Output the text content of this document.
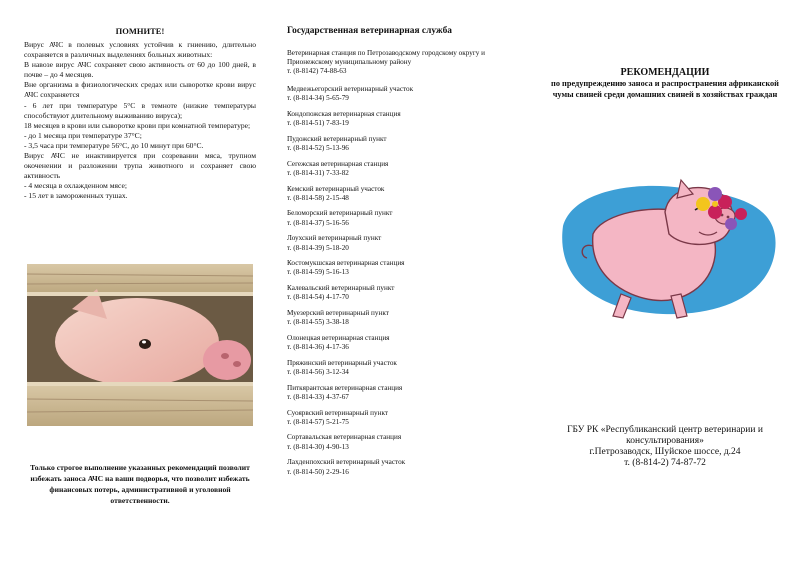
ПОМНИТЕ!

Вирус АЧС в полевых условиях устойчив к гниению, длительно сохраняется в различных выделениях больных животных:

В навозе вирус АЧС сохраняет свою активность от 60 до 100 дней, в почве – до 4 месяцев.

Вне организма в физиологических средах или сыворотке крови вирус АЧС сохраняется

- 6 лет при температуре 5°С в темноте (низкие температуры способствуют длительному выживанию вируса);

18 месяцев в крови или сыворотке крови при комнатной температуре;

- до 1 месяца при температуре 37°С;

- 3,5 часа при температуре 56°С, до 10 минут при 60°С.

Вирус АЧС не инактивируется при созревании мяса, трупном окоченении и разложении трупа животного и сохраняет свою активность

- 4 месяца в охлажденном мясе;

- 15 лет в замороженных тушах.

Только строгое выполнение указанных рекомендаций позволит избежать заноса АЧС на ваши подворья, что позволит избежать финансовых потерь, административной и уголовной ответственности.
Государственная ветеринарная служба
Ветеринарная станция по Петрозаводскому городскому округу и Прионежскому муниципальному району
т. (8-8142) 74-88-63
Медвежьегорский ветеринарный участок
т. (8-814-34) 5-65-79
Кондопожская ветеринарная станция
т. (8-814-51) 7-83-19
Пудожский ветеринарный пункт
т. (8-814-52) 5-13-96
Сегежская ветеринарная станция
т. (8-814-31) 7-33-82
Кемский ветеринарный участок
т. (8-814-58) 2-15-48
Беломорский ветеринарный пункт
т. (8-814-37) 5-16-56
Лоухский ветеринарный пункт
т. (8-814-39) 5-18-20
Костомукшская ветеринарная станция
т. (8-814-59) 5-16-13
Калевальский ветеринарный пункт
т. (8-814-54) 4-17-70
Муезерский ветеринарный пункт
т. (8-814-55) 3-38-18
Олонецкая ветеринарная станция
т. (8-814-36) 4-17-36
Пряжинский ветеринарный участок
т. (8-814-56) 3-12-34
Питкярантская ветеринарная станция
т. (8-814-33) 4-37-67
Суоярвский ветеринарный пункт
т. (8-814-57) 5-21-75
Сортавальская ветеринарная станция
т. (8-814-30) 4-90-13
Лахденпохский ветеринарный участок
т. (8-814-50) 2-29-16
РЕКОМЕНДАЦИИ
по предупреждению заноса и распространения африканской чумы свиней среди домашних свиней в хозяйствах граждан
ГБУ РК «Республиканский центр ветеринарии и консультирования»
г.Петрозаводск, Шуйское шоссе, д.24
т. (8-814-2) 74-87-72
